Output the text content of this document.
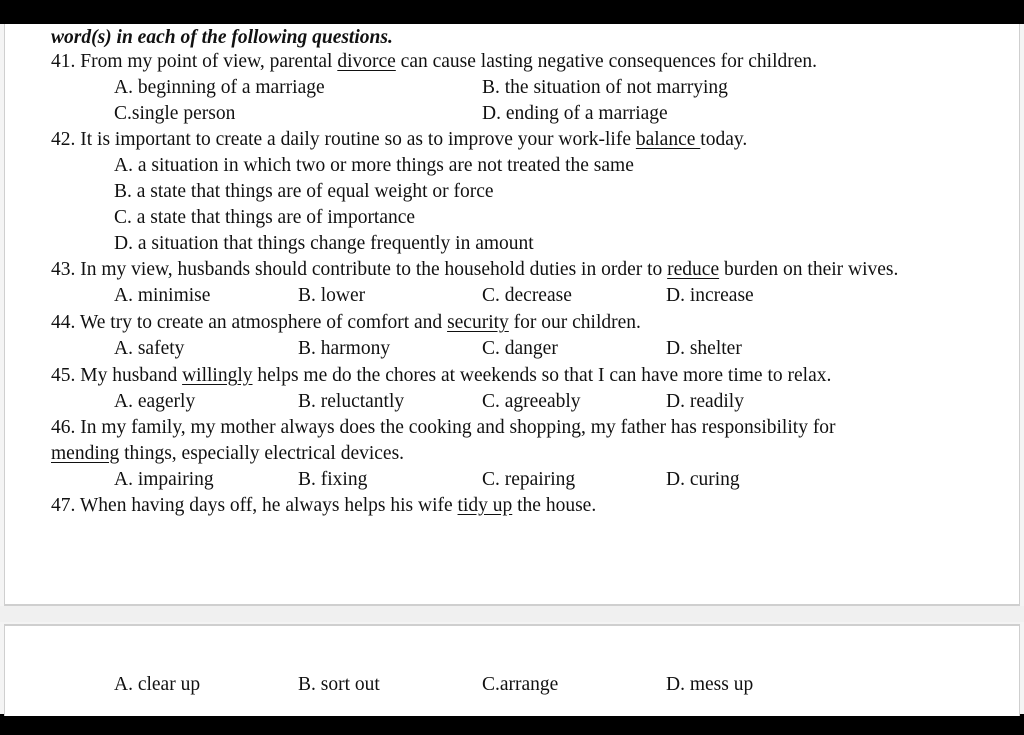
word(s) in each of the following questions.
41. From my point of view, parental divorce can cause lasting negative consequences for children.
A. beginning of a marriage	B. the situation of not marrying
C.single person	D. ending of a marriage
42. It is important to create a daily routine so as to improve your work-life balance today.
A. a situation in which two or more things are not treated the same
B. a state that things are of equal weight or force
C. a state that things are of importance
D. a situation that things change frequently in amount
43. In my view, husbands should contribute to the household duties in order to reduce burden on their wives.
A. minimise	B. lower	C. decrease	D. increase
44. We try to create an atmosphere of comfort and security for our children.
A. safety	B. harmony	C. danger	D. shelter
45. My husband willingly helps me do the chores at weekends so that I can have more time to relax.
A. eagerly	B. reluctantly	C. agreeably	D. readily
46. In my family, my mother always does the cooking and shopping, my father has responsibility for
mending things, especially electrical devices.
A. impairing	B. fixing	C. repairing	D. curing
47. When having days off, he always helps his wife tidy up the house.
A. clear up	B. sort out	C.arrange	D. mess up
